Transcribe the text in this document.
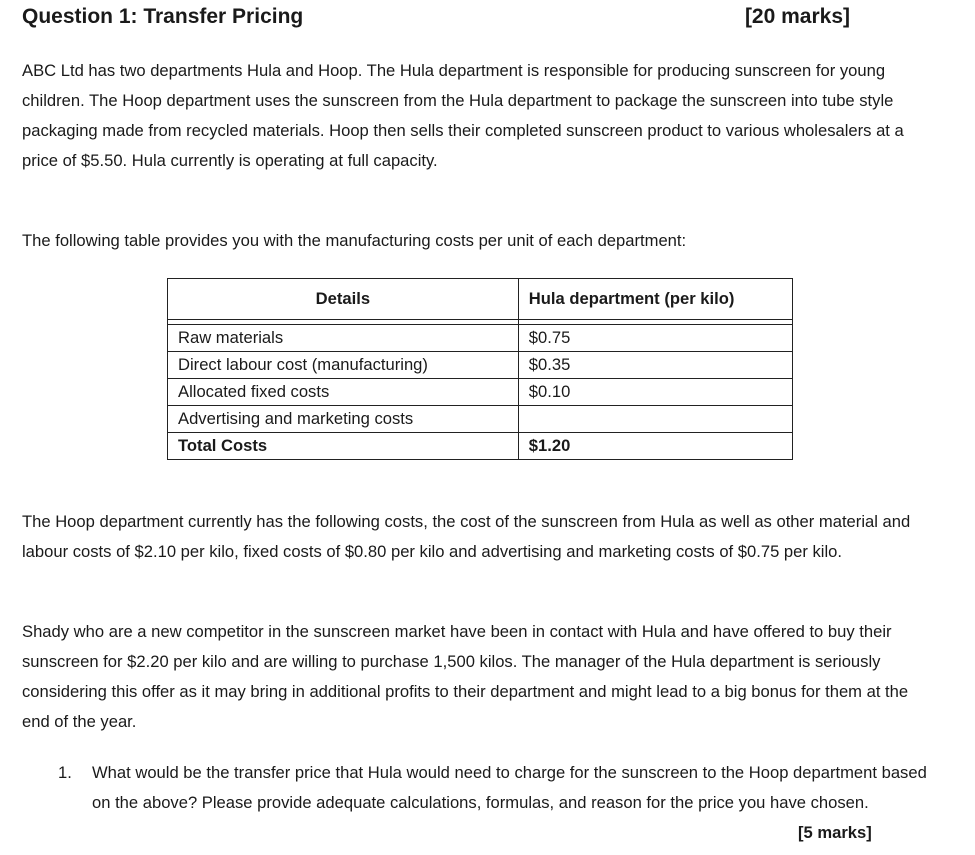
Question 1: Transfer Pricing	[20 marks]

ABC Ltd has two departments Hula and Hoop. The Hula department is responsible for producing sunscreen for young children. The Hoop department uses the sunscreen from the Hula department to package the sunscreen into tube style packaging made from recycled materials. Hoop then sells their completed sunscreen product to various wholesalers at a price of $5.50. Hula currently is operating at full capacity.

The following table provides you with the manufacturing costs per unit of each department:

Details	Hula department (per kilo)

Raw materials	$0.75
Direct labour cost (manufacturing)	$0.35
Allocated fixed costs	$0.10
Advertising and marketing costs	
Total Costs	$1.20

The Hoop department currently has the following costs, the cost of the sunscreen from Hula as well as other material and labour costs of $2.10 per kilo, fixed costs of $0.80 per kilo and advertising and marketing costs of $0.75 per kilo.

Shady who are a new competitor in the sunscreen market have been in contact with Hula and have offered to buy their sunscreen for $2.20 per kilo and are willing to purchase 1,500 kilos. The manager of the Hula department is seriously considering this offer as it may bring in additional profits to their department and might lead to a big bonus for them at the end of the year.

1. What would be the transfer price that Hula would need to charge for the sunscreen to the Hoop department based on the above? Please provide adequate calculations, formulas, and reason for the price you have chosen.
[5 marks]
